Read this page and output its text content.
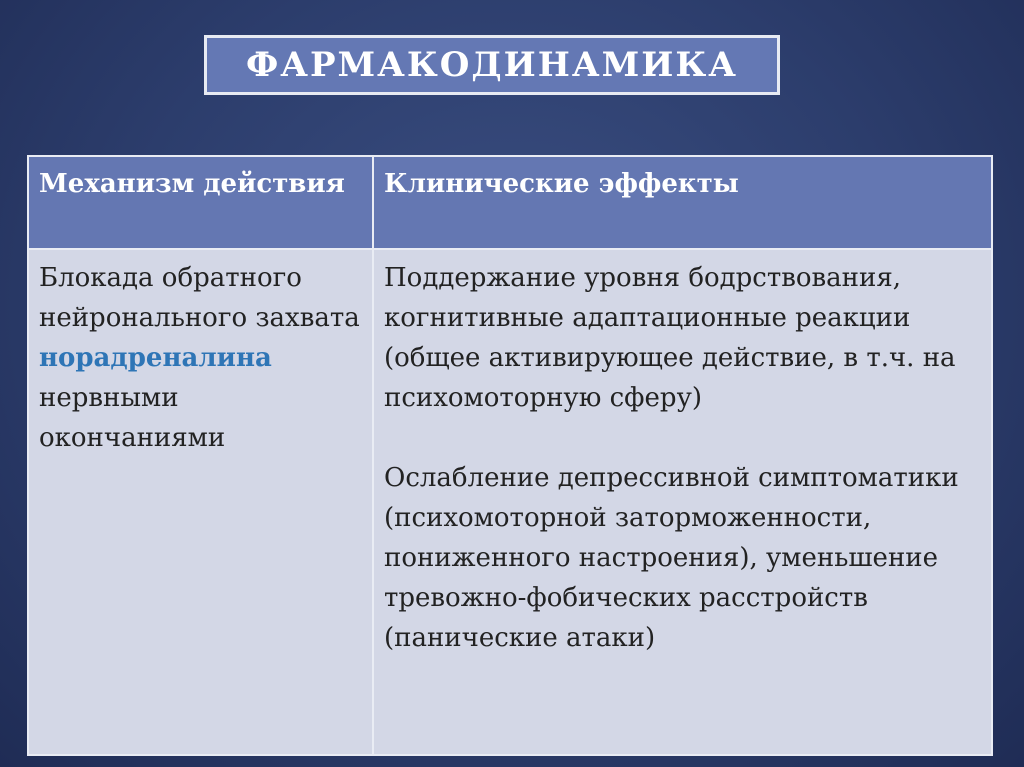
ФАРМАКОДИНАМИКА
Механизм действия	Клинические эффекты
Блокада обратного нейронального захвата норадреналина нервными окончаниями	Поддержание уровня бодрствования, когнитивные адаптационные реакции (общее активирующее действие, в т.ч. на психомоторную сферу)

Ослабление депрессивной симптоматики (психомоторной заторможенности, пониженного настроения), уменьшение тревожно-фобических расстройств (панические атаки)
